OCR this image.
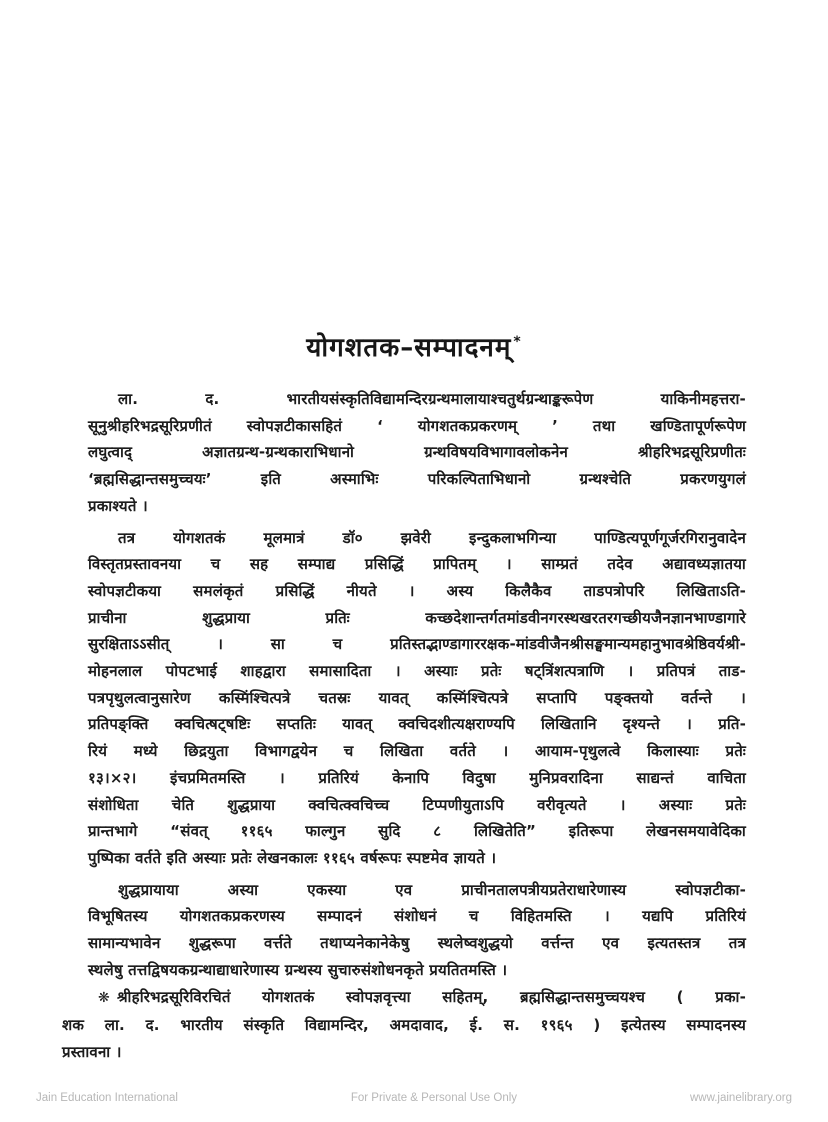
योगशतक–सम्पादनम् *
ला. द. भारतीयसंस्कृतिविद्यामन्दिरग्रन्थमालायाश्चतुर्थग्रन्थाङ्करूपेण याकिनीमहत्तरा-
सूनुश्रीहरिभद्रसूरिप्रणीतं स्वोपज्ञटीकासहितं ‘ योगशतकप्रकरणम् ’ तथा खण्डितापूर्णरूपेण
लघुत्वाद् अज्ञातग्रन्थ-ग्रन्थकाराभिधानो ग्रन्थविषयविभागावलोकनेन श्रीहरिभद्रसूरिप्रणीतः
‘ब्रह्मसिद्धान्तसमुच्चयः’ इति अस्माभिः परिकल्पिताभिधानो ग्रन्थश्चेति प्रकरणयुगलं
प्रकाश्यते ।
तत्र योगशतकं मूलमात्रं डॉ० झवेरी इन्दुकलाभगिन्या पाण्डित्यपूर्णगूर्जरगिरानुवादेन
विस्तृतप्रस्तावनया च सह सम्पाद्य प्रसिद्धिं प्रापितम् । साम्प्रतं तदेव अद्यावध्यज्ञातया
स्वोपज्ञटीकया समलंकृतं प्रसिद्धिं नीयते । अस्य किलैकैव ताडपत्रोपरि लिखिताऽति-
प्राचीना शुद्धप्राया प्रतिः कच्छदेशान्तर्गतमांडवीनगरस्थखरतरगच्छीयजैनज्ञानभाण्डागारे
सुरक्षिताऽऽसीत् । सा च प्रतिस्तद्भाण्डागाररक्षक-मांडवीजैनश्रीसङ्घमान्यमहानुभावश्रेष्ठिवर्यश्री-
मोहनलाल पोपटभाई शाहद्वारा समासादिता । अस्याः प्रतेः षट्त्रिंशत्पत्राणि । प्रतिपत्रं ताड-
पत्रपृथुलत्वानुसारेण कस्मिंश्चित्पत्रे चतस्रः यावत् कस्मिंश्चित्पत्रे सप्तापि पङ्क्तयो वर्तन्ते ।
प्रतिपङ्क्ति क्वचित्षट्षष्टिः सप्ततिः यावत् क्वचिदशीत्यक्षराण्यपि लिखितानि दृश्यन्ते । प्रति-
रियं मध्ये छिद्रयुता विभागद्वयेन च लिखिता वर्तते । आयाम-पृथुलत्वे किलास्याः प्रतेः
१३।×२। इंचप्रमितमस्ति । प्रतिरियं केनापि विदुषा मुनिप्रवरादिना साद्यन्तं वाचिता
संशोधिता चेति शुद्धप्राया क्वचित्क्वचिच्च टिप्पणीयुताऽपि वरीवृत्यते । अस्याः प्रतेः
प्रान्तभागे “संवत् ११६५ फाल्गुन सुदि ८ लिखितेति” इतिरूपा लेखनसमयावेदिका
पुष्पिका वर्तते इति अस्याः प्रतेः लेखनकालः ११६५ वर्षरूपः स्पष्टमेव ज्ञायते ।
शुद्धप्रायाया अस्या एकस्या एव प्राचीनतालपत्रीयप्रतेराधारेणास्य स्वोपज्ञटीका-
विभूषितस्य योगशतकप्रकरणस्य सम्पादनं संशोधनं च विहितमस्ति । यद्यपि प्रतिरियं
सामान्यभावेन शुद्धरूपा वर्त्तते तथाप्यनेकानेकेषु स्थलेष्वशुद्धयो वर्त्तन्त एव इत्यतस्तत्र तत्र
स्थलेषु तत्तद्विषयकग्रन्थाद्याधारेणास्य ग्रन्थस्य सुचारुसंशोधनकृते प्रयतितमस्ति ।
❋ श्रीहरिभद्रसूरिविरचितं योगशतकं स्वोपज्ञवृत्त्या सहितम्, ब्रह्मसिद्धान्तसमुच्चयश्च ( प्रका-
शक ला. द. भारतीय संस्कृति विद्यामन्दिर, अमदावाद, ई. स. १९६५ ) इत्येतस्य सम्पादनस्य
प्रस्तावना ।
Jain Education International	For Private & Personal Use Only	www.jainelibrary.org
